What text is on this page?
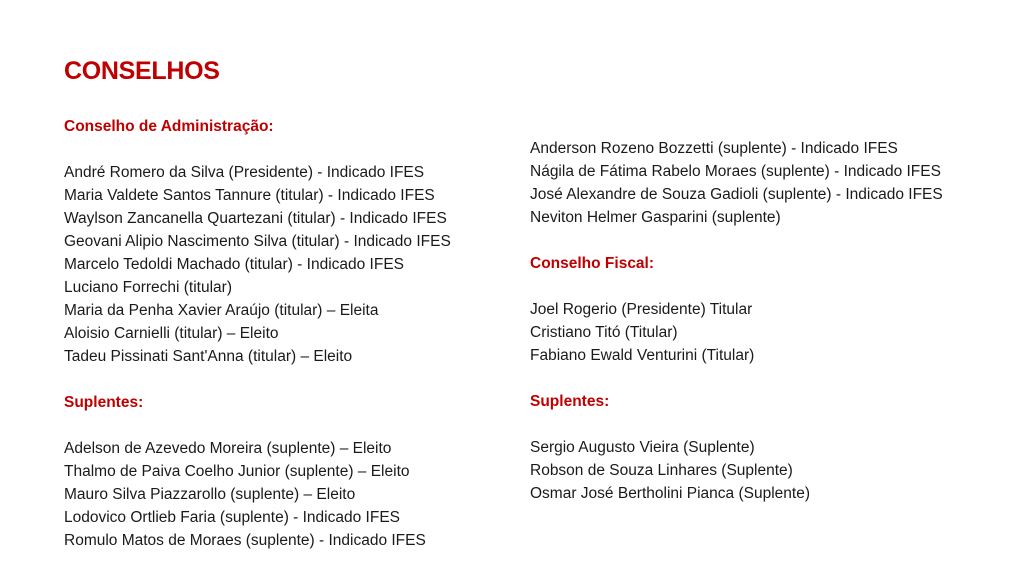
CONSELHOS
Conselho de Administração:
André Romero da Silva (Presidente) - Indicado IFES
Maria Valdete Santos Tannure (titular) - Indicado IFES
Waylson Zancanella Quartezani (titular) - Indicado IFES
Geovani Alipio Nascimento Silva (titular) - Indicado IFES
Marcelo Tedoldi Machado (titular) - Indicado IFES
Luciano Forrechi (titular)
Maria da Penha Xavier Araújo (titular) – Eleita
Aloisio Carnielli (titular) – Eleito
Tadeu Pissinati Sant'Anna (titular) – Eleito
Suplentes:
Adelson de Azevedo Moreira (suplente) – Eleito
Thalmo de Paiva Coelho Junior (suplente) – Eleito
Mauro Silva Piazzarollo (suplente) – Eleito
Lodovico Ortlieb Faria (suplente) - Indicado IFES
Romulo Matos de Moraes (suplente) - Indicado IFES
Anderson Rozeno Bozzetti (suplente) - Indicado IFES
Nágila de Fátima Rabelo Moraes (suplente) - Indicado IFES
José Alexandre de Souza Gadioli (suplente) - Indicado IFES
Neviton Helmer Gasparini (suplente)
Conselho Fiscal:
Joel Rogerio (Presidente) Titular
Cristiano Titó (Titular)
Fabiano Ewald Venturini (Titular)
Suplentes:
Sergio Augusto Vieira (Suplente)
Robson de Souza Linhares (Suplente)
Osmar José Bertholini Pianca (Suplente)
